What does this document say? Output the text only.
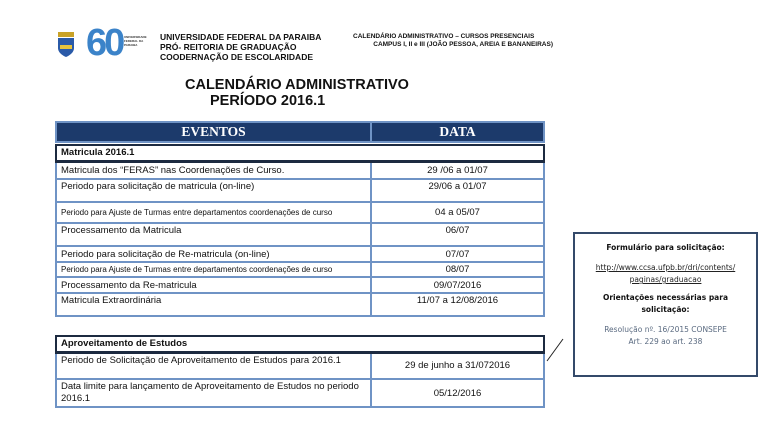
60 UNIVERSIDADE FEDERAL DA PARAIBA
UNIVERSIDADE FEDERAL DA PARAIBA
PRÓ- REITORIA DE GRADUAÇÃO
COODERNAÇÃO DE ESCOLARIDADE
CALENDÁRIO ADMINISTRATIVO – CURSOS PRESENCIAIS
CAMPUS I, II e III (JOÃO PESSOA, AREIA E BANANEIRAS)
CALENDÁRIO ADMINISTRATIVO
PERÍODO 2016.1
EVENTOS	DATA

Matricula 2016.1	
Matricula dos “FERAS” nas Coordenações de Curso.	29 /06 a 01/07
Periodo para solicitação de matricula (on-line)	29/06 a 01/07
Periodo para Ajuste de Turmas entre departamentos coordenações de curso	04 a 05/07
Processamento da Matricula	06/07
Periodo para solicitação de Re-matricula (on-line)	07/07
Periodo para Ajuste de Turmas entre departamentos coordenações de curso	08/07
Processamento da Re-matricula	09/07/2016
Matricula Extraordinária	11/07 a 12/08/2016
Aproveitamento de Estudos	
Periodo de Solicitação de Aproveitamento de Estudos para 2016.1	29 de junho a 31/072016
Data limite para lançamento de Aproveitamento de Estudos no periodo 2016.1	05/12/2016
Formulário para solicitação:
http://www.ccsa.ufpb.br/dri/contents/
paginas/graduacao
Orientações necessárias para solicitação:
Resolução nº. 16/2015 CONSEPE
Art. 229 ao art. 238
